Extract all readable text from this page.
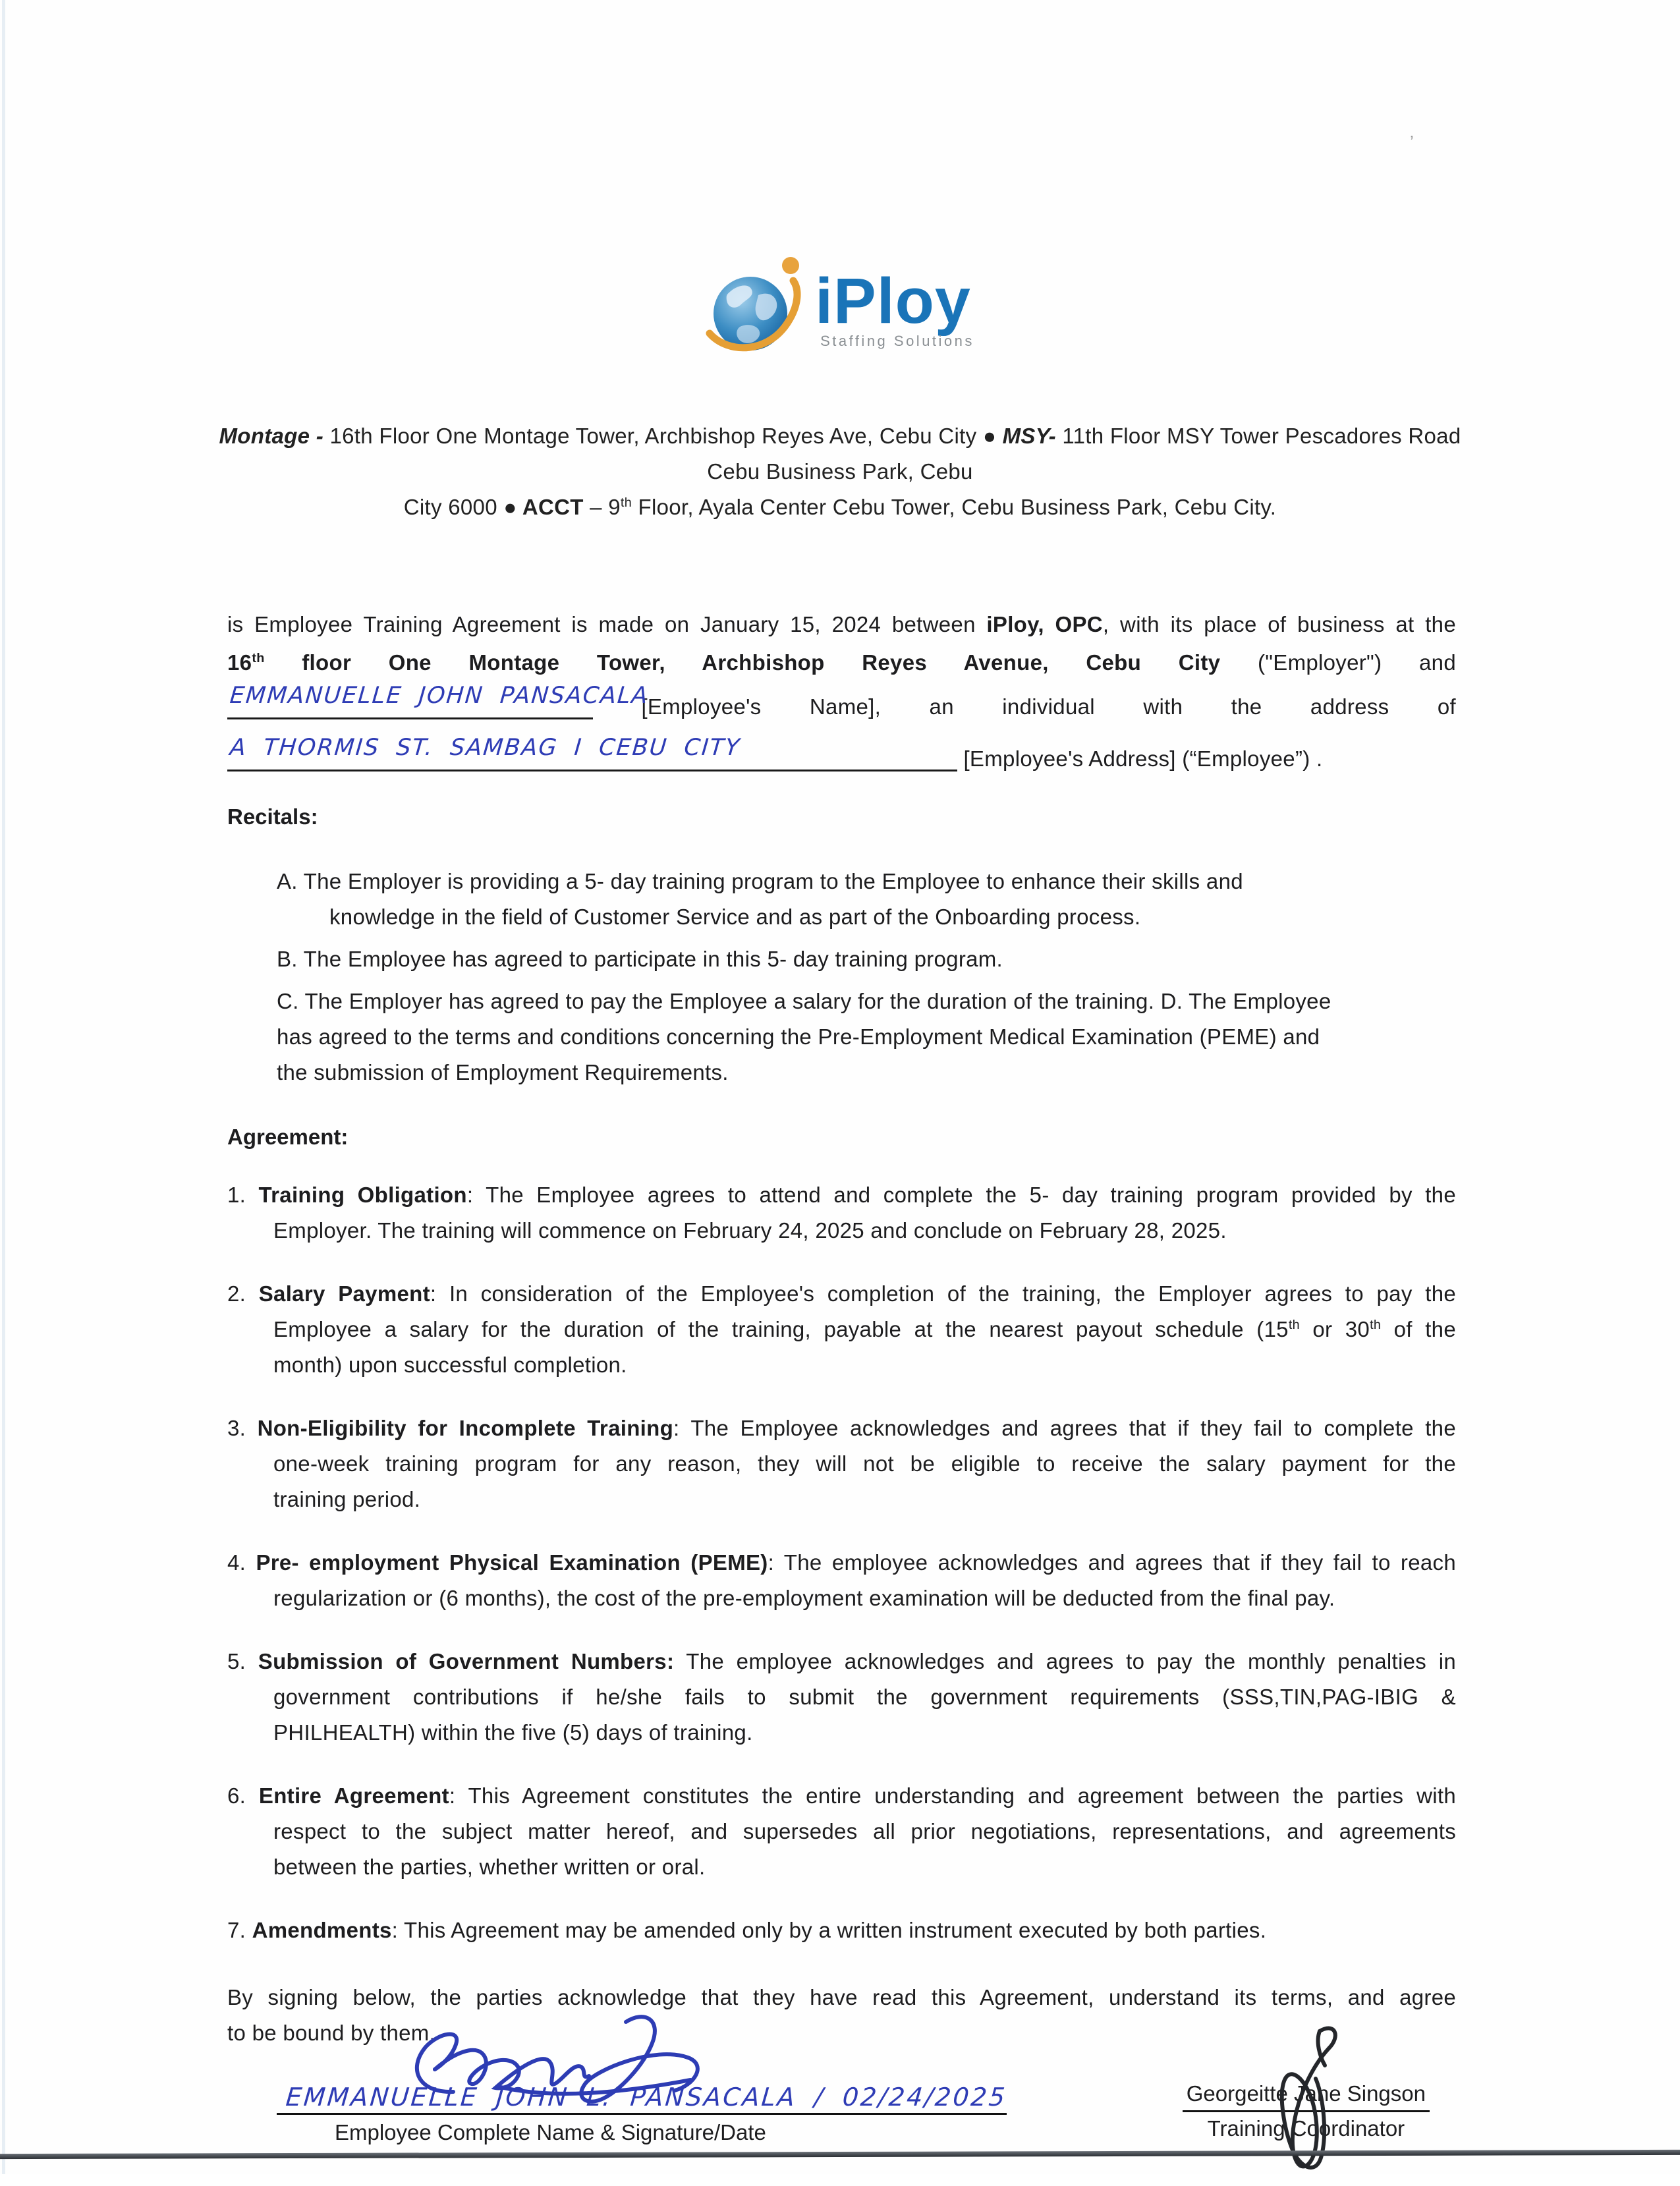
iPloy
Staffing Solutions
Montage - 16th Floor One Montage Tower, Archbishop Reyes Ave, Cebu City ● MSY- 11th Floor MSY Tower Pescadores Road Cebu Business Park, Cebu
City 6000 ● ACCT – 9th Floor, Ayala Center Cebu Tower, Cebu Business Park, Cebu City.
is Employee Training Agreement is made on January 15, 2024 between iPloy, OPC, with its place of business at the
16th floor One Montage Tower, Archbishop Reyes Avenue, Cebu City ("Employer") and
EMMANUELLE JOHN PANSACALA
[Employee's Name], an individual with the address of
A THORMIS ST. SAMBAG I CEBU CITY	[Employee's Address] (“Employee”) .
Recitals:
A. The Employer is providing a 5- day training program to the Employee to enhance their skills and
knowledge in the field of Customer Service and as part of the Onboarding process.
B. The Employee has agreed to participate in this 5- day training program.
C. The Employer has agreed to pay the Employee a salary for the duration of the training. D. The Employee
has agreed to the terms and conditions concerning the Pre-Employment Medical Examination (PEME) and
the submission of Employment Requirements.
Agreement:
1. Training Obligation: The Employee agrees to attend and complete the 5- day training program provided by the
Employer. The training will commence on February 24, 2025 and conclude on February 28, 2025.
2. Salary Payment: In consideration of the Employee's completion of the training, the Employer agrees to pay the
Employee a salary for the duration of the training, payable at the nearest payout schedule (15th or 30th of the
month) upon successful completion.
3. Non-Eligibility for Incomplete Training: The Employee acknowledges and agrees that if they fail to complete the
one-week training program for any reason, they will not be eligible to receive the salary payment for the
training period.
4. Pre- employment Physical Examination (PEME): The employee acknowledges and agrees that if they fail to reach
regularization or (6 months), the cost of the pre-employment examination will be deducted from the final pay.
5. Submission of Government Numbers: The employee acknowledges and agrees to pay the monthly penalties in
government contributions if he/she fails to submit the government requirements (SSS,TIN,PAG-IBIG &
PHILHEALTH) within the five (5) days of training.
6. Entire Agreement: This Agreement constitutes the entire understanding and agreement between the parties with
respect to the subject matter hereof, and supersedes all prior negotiations, representations, and agreements
between the parties, whether written or oral.
7. Amendments: This Agreement may be amended only by a written instrument executed by both parties.
By signing below, the parties acknowledge that they have read this Agreement, understand its terms, and agree
to be bound by them.
EMMANUELLE JOHN L. PANSACALA / 02/24/2025
Employee Complete Name & Signature/Date
Georgeitte Jane Singson
Training Coordinator
’
